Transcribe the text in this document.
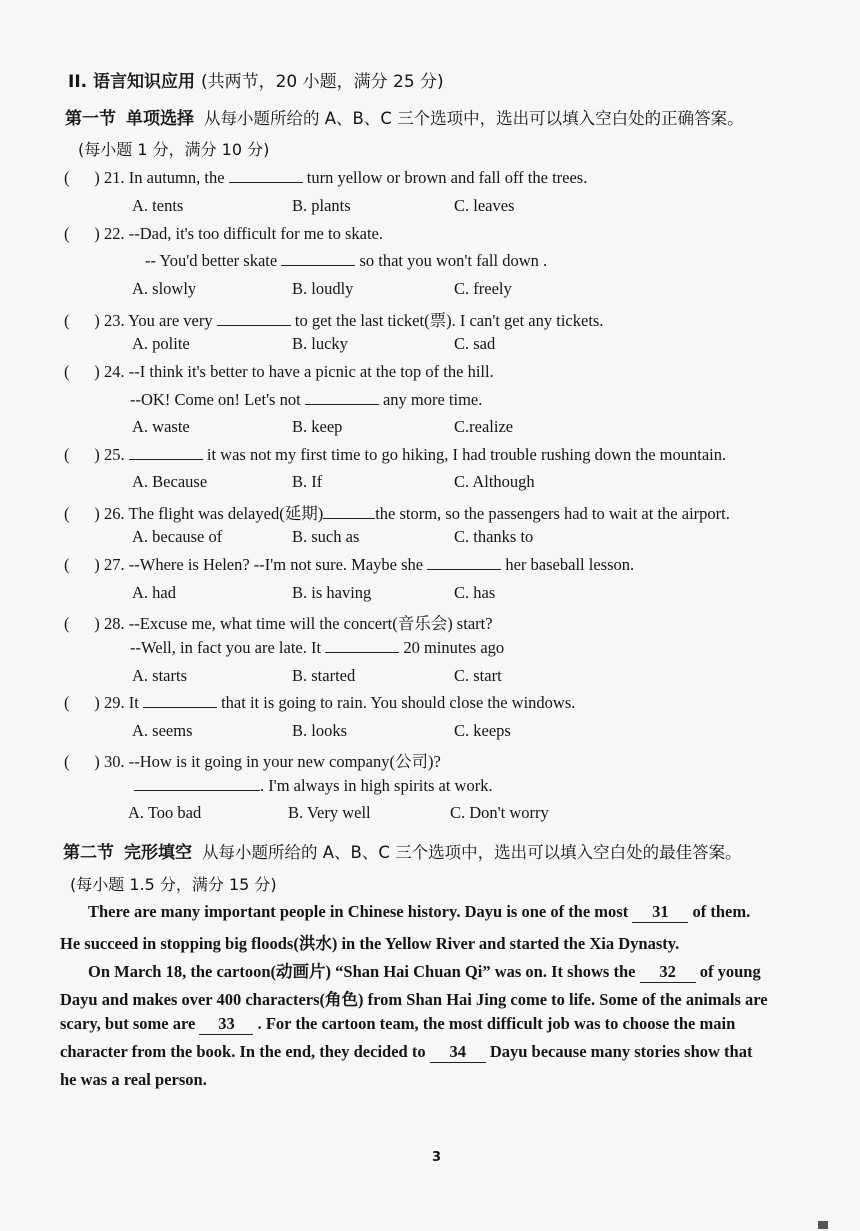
II. 语言知识应用 (共两节，20 小题，满分 25 分)
第一节 单项选择 从每小题所给的 A、B、C 三个选项中，选出可以填入空白处的正确答案。
(每小题 1 分，满分 10 分)
(      ) 21. In autumn, the	turn yellow or brown and fall off the trees.
A. tents	B. plants	C. leaves
(      ) 22. --Dad, it's too difficult for me to skate.
-- You'd better skate	so that you won't fall down .
A. slowly	B. loudly	C. freely
(      ) 23. You are very	to get the last ticket(票). I can't get any tickets.
A. polite	B. lucky	C. sad
(      ) 24. --I think it's better to have a picnic at the top of the hill.
--OK! Come on! Let's not	any more time.
A. waste	B. keep	C.realize
(      ) 25.	it was not my first time to go hiking, I had trouble rushing down the mountain.
A. Because	B. If	C. Although
(      ) 26. The flight was delayed(延期)	the storm, so the passengers had to wait at the airport.
A. because of	B. such as	C. thanks to
(      ) 27. --Where is Helen? --I'm not sure. Maybe she	her baseball lesson.
A. had	B. is having	C. has
(      ) 28. --Excuse me, what time will the concert(音乐会) start?
--Well, in fact you are late. It	20 minutes ago
A. starts	B. started	C. start
(      ) 29. It	that it is going to rain. You should close the windows.
A. seems	B. looks	C. keeps
(      ) 30. --How is it going in your new company(公司)?
. I'm always in high spirits at work.
A. Too bad	B. Very well	C. Don't worry
第二节 完形填空 从每小题所给的 A、B、C 三个选项中，选出可以填入空白处的最佳答案。
(每小题 1.5 分，满分 15 分)
There are many important people in Chinese history. Dayu is one of the most 31 of them.
He succeed in stopping big floods(洪水) in the Yellow River and started the Xia Dynasty.
On March 18, the cartoon(动画片) “Shan Hai Chuan Qi” was on. It shows the 32 of young
Dayu and makes over 400 characters(角色) from Shan Hai Jing come to life. Some of the animals are
scary, but some are 33 . For the cartoon team, the most difficult job was to choose the main
character from the book. In the end, they decided to 34 Dayu because many stories show that
he was a real person.
3
